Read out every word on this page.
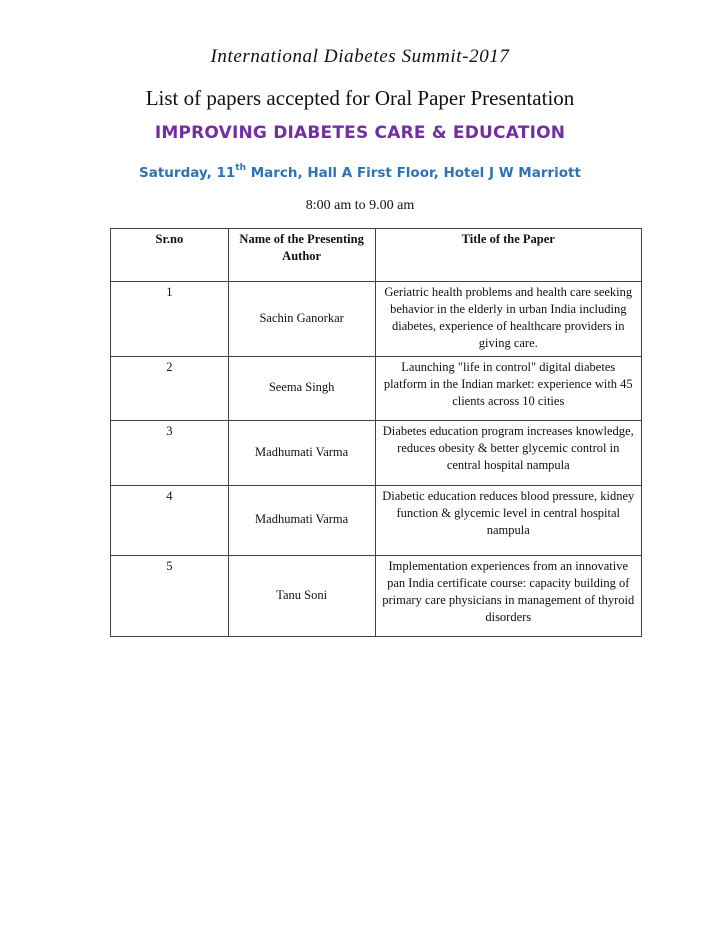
International Diabetes Summit-2017
List of papers accepted for Oral Paper Presentation
IMPROVING DIABETES CARE & EDUCATION
Saturday, 11th March, Hall A First Floor, Hotel J W Marriott
8:00 am to 9.00 am
Sr.no	Name of the Presenting Author	Title of the Paper
1	Sachin Ganorkar	Geriatric health problems and health care seeking behavior in the elderly in urban India including diabetes, experience of healthcare providers in giving care.
2	Seema Singh	Launching "life in control" digital diabetes platform in the Indian market: experience with 45 clients across 10 cities
3	Madhumati Varma	Diabetes education program increases knowledge, reduces obesity & better glycemic control in central hospital nampula
4	Madhumati Varma	Diabetic education reduces blood pressure, kidney function & glycemic level in central hospital nampula
5	Tanu Soni	Implementation experiences from an innovative pan India certificate course: capacity building of primary care physicians in management of thyroid disorders
